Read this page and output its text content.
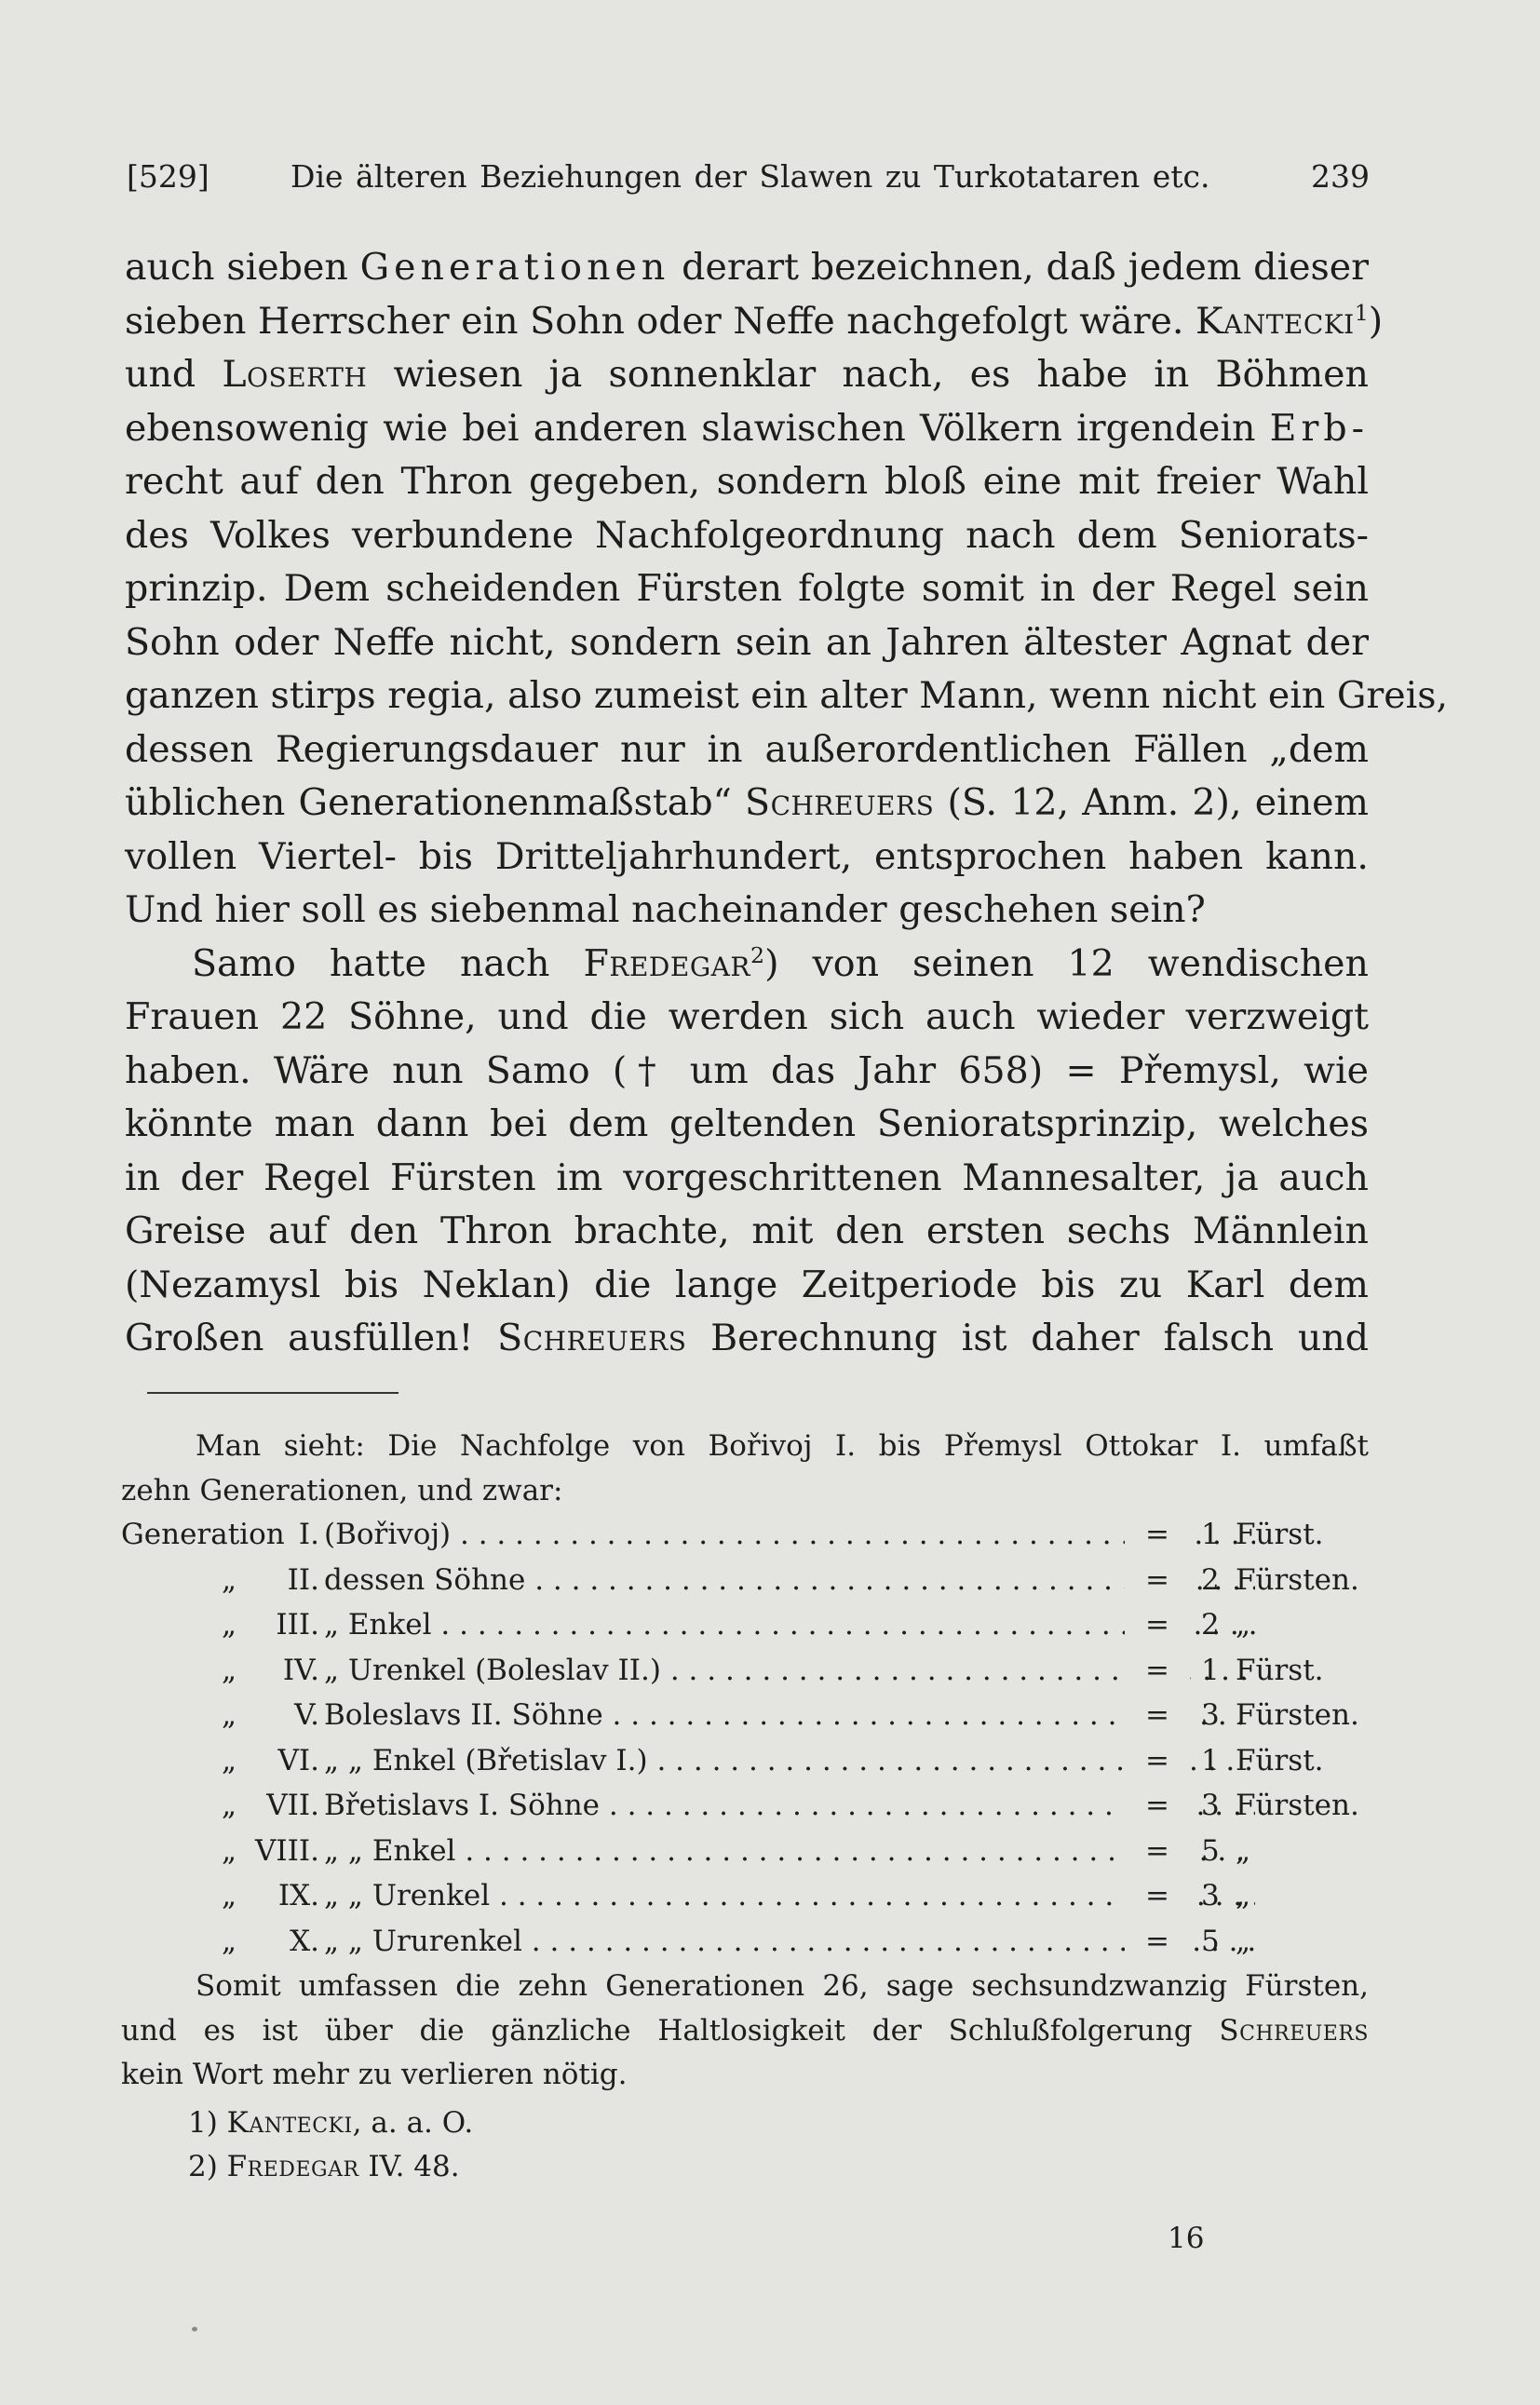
[529]	Die älteren Beziehungen der Slawen zu Turkotataren etc.	239
auch sieben Generationen derart bezeichnen, daß jedem dieser
sieben Herrscher ein Sohn oder Neffe nachgefolgt wäre. Kantecki$^1$)
und Loserth wiesen ja sonnenklar nach, es habe in Böhmen
ebensowenig wie bei anderen slawischen Völkern irgendein Erb-
recht auf den Thron gegeben, sondern bloß eine mit freier Wahl
des Volkes verbundene Nachfolgeordnung nach dem Seniorats-
prinzip. Dem scheidenden Fürsten folgte somit in der Regel sein
Sohn oder Neffe nicht, sondern sein an Jahren ältester Agnat der
ganzen stirps regia, also zumeist ein alter Mann, wenn nicht ein Greis,
dessen Regierungsdauer nur in außerordentlichen Fällen „dem
üblichen Generationenmaßstab“ Schreuers (S. 12, Anm. 2), einem
vollen Viertel- bis Dritteljahrhundert, entsprochen haben kann.
Und hier soll es siebenmal nacheinander geschehen sein?
Samo hatte nach Fredegar$^2$) von seinen 12 wendischen
Frauen 22 Söhne, und die werden sich auch wieder verzweigt
haben. Wäre nun Samo († um das Jahr 658) = Přemysl, wie
könnte man dann bei dem geltenden Senioratsprinzip, welches
in der Regel Fürsten im vorgeschrittenen Mannesalter, ja auch
Greise auf den Thron brachte, mit den ersten sechs Männlein
(Nezamysl bis Neklan) die lange Zeitperiode bis zu Karl dem
Großen ausfüllen! Schreuers Berechnung ist daher falsch und
Man sieht: Die Nachfolge von Bořivoj I. bis Přemysl Ottokar I. umfaßt
zehn Generationen, und zwar:
Generation I. (Bořivoj) . . .	=	1 Fürst.
„	II. dessen Söhne . . .	=	2 Fürsten.
„	III. „ Enkel . . .	=	2 „
„	IV. „ Urenkel (Boleslav II.) . . .	=	1 Fürst.
„	V. Boleslavs II. Söhne . . .	=	3 Fürsten.
„	VI. „ „ Enkel (Břetislav I.) . . .	=	1 Fürst.
„	VII. Břetislavs I. Söhne . . .	=	3 Fürsten.
„ VIII. „ „ Enkel . . .	=	5 „
„	IX. „ „ Urenkel . . .	=	3 „
„	X. „ „ Ururenkel . . .	=	5 „
Somit umfassen die zehn Generationen 26, sage sechsundzwanzig Fürsten,
und es ist über die gänzliche Haltlosigkeit der Schlußfolgerung Schreuers
kein Wort mehr zu verlieren nötig.
1) Kantecki, a. a. O.
2) Fredegar IV. 48.
16
